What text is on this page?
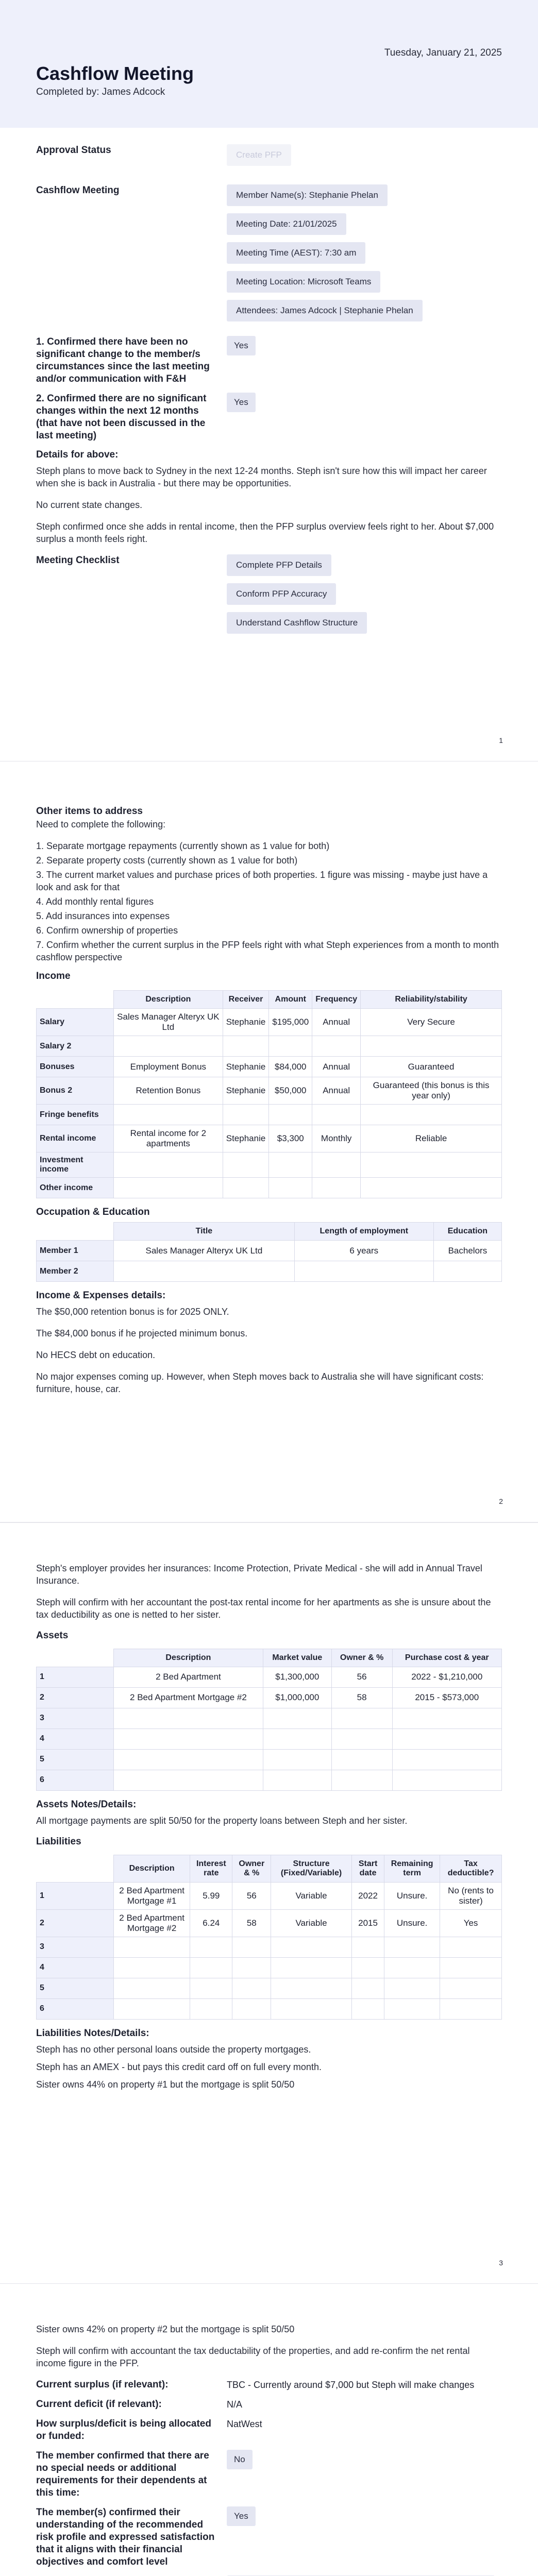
Tuesday, January 21, 2025
Cashflow Meeting
Completed by: James Adcock
Approval Status	Create PFP
Cashflow Meeting	Member Name(s): Stephanie Phelan
Meeting Date: 21/01/2025
Meeting Time (AEST): 7:30 am
Meeting Location: Microsoft Teams
Attendees: James Adcock | Stephanie Phelan
1. Confirmed there have been no significant change to the member/s circumstances since the last meeting and/or communication with F&H
Yes
2. Confirmed there are no significant changes within the next 12 months (that have not been discussed in the last meeting)
Yes
Details for above:
Steph plans to move back to Sydney in the next 12-24 months. Steph isn't sure how this will impact her career when she is back in Australia - but there may be opportunities.
No current state changes.
Steph confirmed once she adds in rental income, then the PFP surplus overview feels right to her. About $7,000 surplus a month feels right.
Meeting Checklist	Complete PFP Details
Conform PFP Accuracy
Understand Cashflow Structure
1
Other items to address
Need to complete the following:
1. Separate mortgage repayments (currently shown as 1 value for both)
2. Separate property costs (currently shown as 1 value for both)
3. The current market values and purchase prices of both properties. 1 figure was missing - maybe just have a look and ask for that
4. Add monthly rental figures
5. Add insurances into expenses
6. Confirm ownership of properties
7. Confirm whether the current surplus in the PFP feels right with what Steph experiences from a month to month cashflow perspective
Income
	Description	Receiver	Amount	Frequency	Reliability/stability
Salary	Sales Manager Alteryx UK Ltd	Stephanie	$195,000	Annual	Very Secure
Salary 2					
Bonuses	Employment Bonus	Stephanie	$84,000	Annual	Guaranteed
Bonus 2	Retention Bonus	Stephanie	$50,000	Annual	Guaranteed (this bonus is this year only)
Fringe benefits					
Rental income	Rental income for 2 apartments	Stephanie	$3,300	Monthly	Reliable
Investment income					
Other income					
Occupation & Education
	Title	Length of employment	Education
Member 1	Sales Manager Alteryx UK Ltd	6 years	Bachelors
Member 2			
Income & Expenses details:
The $50,000 retention bonus is for 2025 ONLY.
The $84,000 bonus if he projected minimum bonus.
No HECS debt on education.
No major expenses coming up. However, when Steph moves back to Australia she will have significant costs: furniture, house, car.
2
Steph's employer provides her insurances: Income Protection, Private Medical - she will add in Annual Travel Insurance.
Steph will confirm with her accountant the post-tax rental income for her apartments as she is unsure about the tax deductibility as one is netted to her sister.
Assets
	Description	Market value	Owner & %	Purchase cost & year
1	2 Bed Apartment	$1,300,000	56	2022 - $1,210,000
2	2 Bed Apartment Mortgage #2	$1,000,000	58	2015 - $573,000
3				
4				
5				
6				
Assets Notes/Details:
All mortgage payments are split 50/50 for the property loans between Steph and her sister.
Liabilities
	Description	Interest rate	Owner & %	Structure (Fixed/Variable)	Start date	Remaining term	Tax deductible?
1	2 Bed Apartment Mortgage #1	5.99	56	Variable	2022	Unsure.	No (rents to sister)
2	2 Bed Apartment Mortgage #2	6.24	58	Variable	2015	Unsure.	Yes
3							
4							
5							
6							
Liabilities Notes/Details:
Steph has no other personal loans outside the property mortgages.
Steph has an AMEX - but pays this credit card off on full every month.
Sister owns 44% on property #1 but the mortgage is split 50/50
3
Sister owns 42% on property #2 but the mortgage is split 50/50
Steph will confirm with accountant the tax deductability of the properties, and add re-confirm the net rental income figure in the PFP.
Current surplus (if relevant):	TBC - Currently around $7,000 but Steph will make changes
Current deficit (if relevant):	N/A
How surplus/deficit is being allocated or funded:
NatWest
The member confirmed that there are no special needs or additional requirements for their dependents at this time:
No
The member(s) confirmed their understanding of the recommended risk profile and expressed satisfaction that it aligns with their financial objectives and comfort level
Yes
